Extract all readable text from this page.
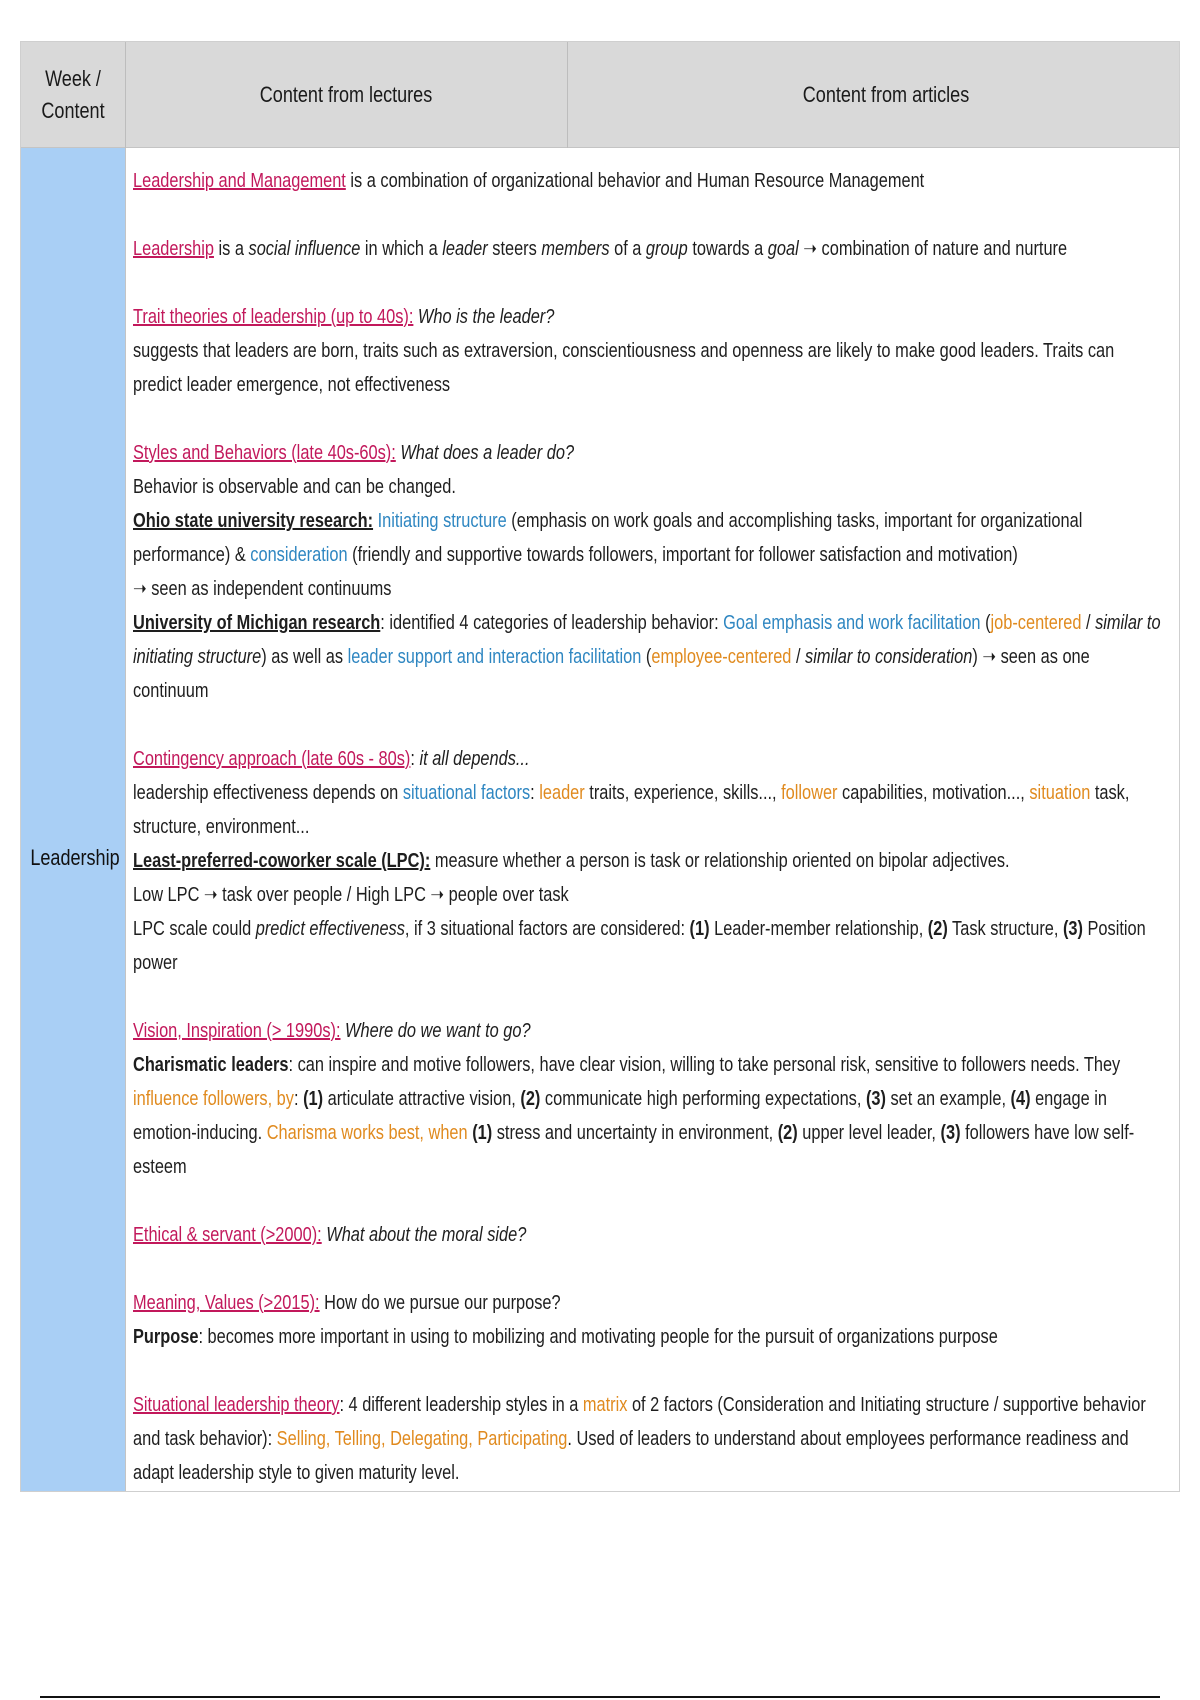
Week /
Content
Content from lectures	Content from articles
Leadership

Leadership and Management is a combination of organizational behavior and Human Resource Management

Leadership is a social influence in which a leader steers members of a group towards a goal ➝ combination of nature and nurture

Trait theories of leadership (up to 40s): Who is the leader?
suggests that leaders are born, traits such as extraversion, conscientiousness and openness are likely to make good leaders. Traits can predict leader emergence, not effectiveness

Styles and Behaviors (late 40s-60s): What does a leader do?
Behavior is observable and can be changed.
Ohio state university research: Initiating structure (emphasis on work goals and accomplishing tasks, important for organizational performance) & consideration (friendly and supportive towards followers, important for follower satisfaction and motivation)
➝ seen as independent continuums
University of Michigan research: identified 4 categories of leadership behavior: Goal emphasis and work facilitation (job-centered / similar to initiating structure) as well as leader support and interaction facilitation (employee-centered / similar to consideration) ➝ seen as one continuum

Contingency approach (late 60s - 80s): it all depends...
leadership effectiveness depends on situational factors: leader traits, experience, skills..., follower capabilities, motivation..., situation task, structure, environment...
Least-preferred-coworker scale (LPC): measure whether a person is task or relationship oriented on bipolar adjectives.
Low LPC ➝ task over people / High LPC ➝ people over task
LPC scale could predict effectiveness, if 3 situational factors are considered: (1) Leader-member relationship, (2) Task structure, (3) Position power

Vision, Inspiration (> 1990s): Where do we want to go?
Charismatic leaders: can inspire and motive followers, have clear vision, willing to take personal risk, sensitive to followers needs. They influence followers, by: (1) articulate attractive vision, (2) communicate high performing expectations, (3) set an example, (4) engage in emotion-inducing. Charisma works best, when (1) stress and uncertainty in environment, (2) upper level leader, (3) followers have low self-esteem

Ethical & servant (>2000): What about the moral side?

Meaning, Values (>2015): How do we pursue our purpose?
Purpose: becomes more important in using to mobilizing and motivating people for the pursuit of organizations purpose

Situational leadership theory: 4 different leadership styles in a matrix of 2 factors (Consideration and Initiating structure / supportive behavior and task behavior): Selling, Telling, Delegating, Participating. Used of leaders to understand about employees performance readiness and adapt leadership style to given maturity level.
